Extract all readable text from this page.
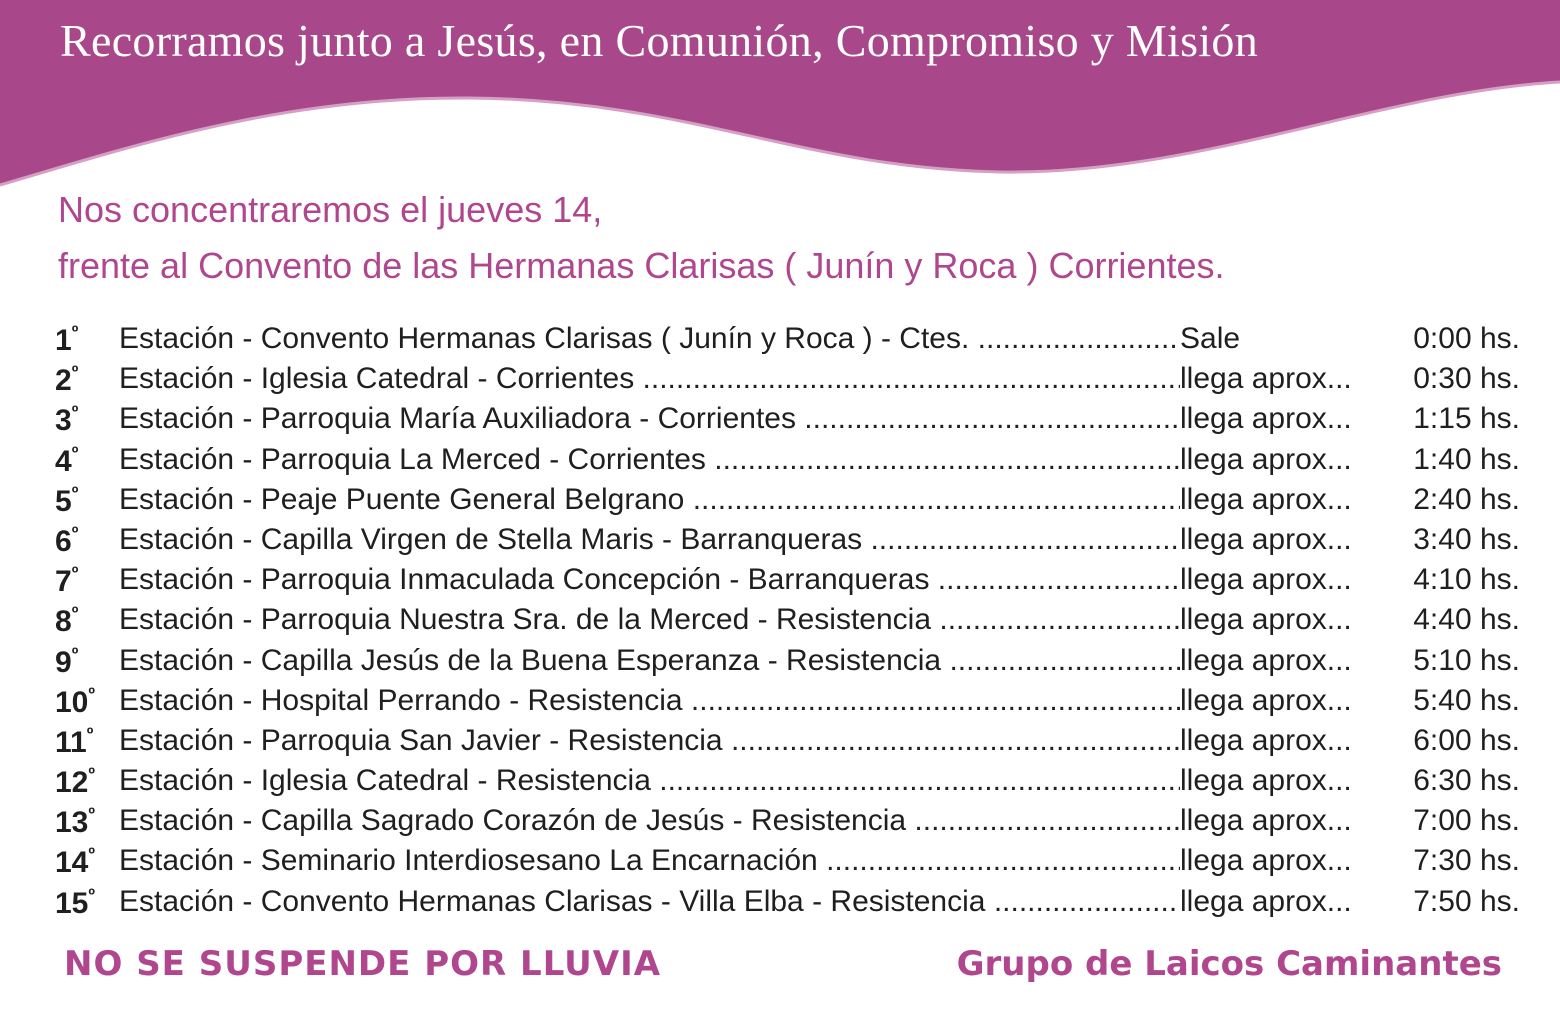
Recorramos junto a Jesús, en Comunión, Compromiso y Misión
Nos concentraremos el jueves 14,
frente al Convento de las Hermanas Clarisas ( Junín y Roca ) Corrientes.
$1^º$	Estación - Convento Hermanas Clarisas ( Junín y Roca ) - Ctes. .....	Sale	0:00 hs.
$2^º$	Estación - Iglesia Catedral - Corrientes .....	llega aprox...	0:30 hs.
$3^º$	Estación - Parroquia María Auxiliadora - Corrientes .....	llega aprox...	1:15 hs.
$4^º$	Estación - Parroquia La Merced - Corrientes .....	llega aprox...	1:40 hs.
$5^º$	Estación - Peaje Puente General Belgrano .....	llega aprox...	2:40 hs.
$6^º$	Estación - Capilla Virgen de Stella Maris - Barranqueras .....	llega aprox...	3:40 hs.
$7^º$	Estación - Parroquia Inmaculada Concepción - Barranqueras .....	llega aprox...	4:10 hs.
$8^º$	Estación - Parroquia Nuestra Sra. de la Merced - Resistencia .....	llega aprox...	4:40 hs.
$9^º$	Estación - Capilla Jesús de la Buena Esperanza - Resistencia .....	llega aprox...	5:10 hs.
$10^º$ Estación - Hospital Perrando - Resistencia .....	llega aprox...	5:40 hs.
$11^º$ Estación - Parroquia San Javier - Resistencia .....	llega aprox...	6:00 hs.
$12^º$ Estación - Iglesia Catedral - Resistencia .....	llega aprox...	6:30 hs.
$13^º$ Estación - Capilla Sagrado Corazón de Jesús - Resistencia .....	llega aprox...	7:00 hs.
$14^º$ Estación - Seminario Interdiosesano La Encarnación .....	llega aprox...	7:30 hs.
$15^º$ Estación - Convento Hermanas Clarisas - Villa Elba - Resistencia .....	llega aprox...	7:50 hs.
NO SE SUSPENDE POR LLUVIA	Grupo de Laicos Caminantes
